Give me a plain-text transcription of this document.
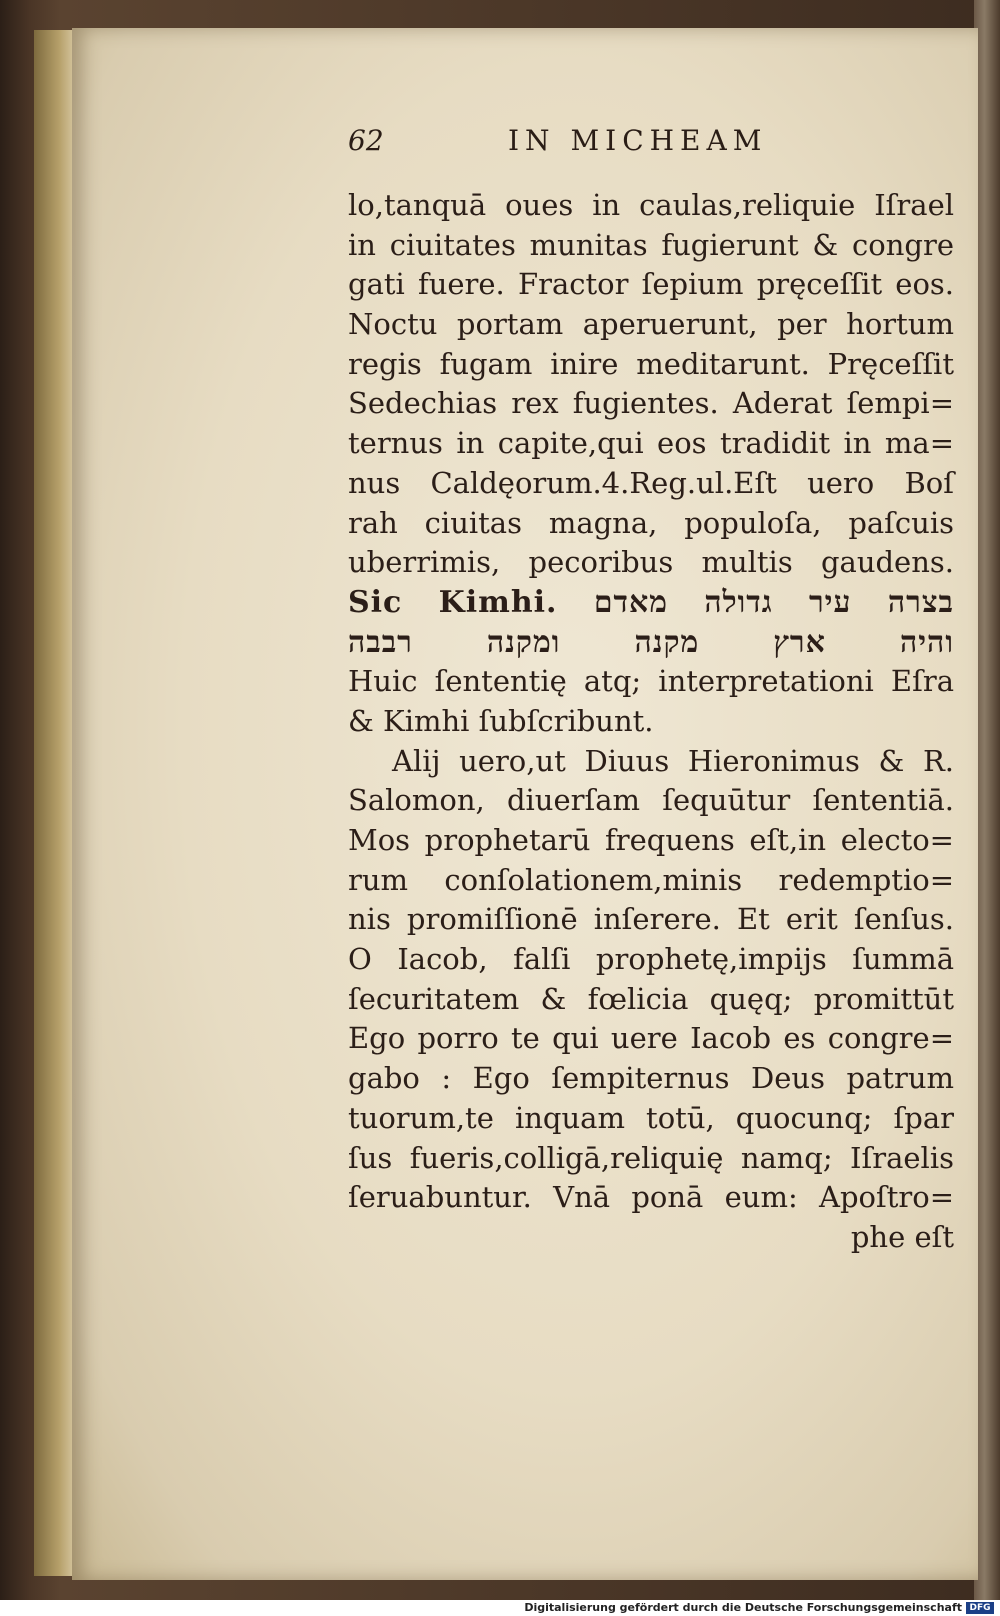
62	IN MICHEAM
lo,tanquā oues in caulas,reliquie Iſrael
in ciuitates munitas fugierunt & congre
gati fuere. Fractor ſepium pręceſſit eos.
Noctu portam aperuerunt, per hortum
regis fugam inire meditarunt. Pręceſſit
Sedechias rex fugientes. Aderat ſempi=
ternus in capite,qui eos tradidit in ma=
nus Caldęorum.4.Reg.ul.Eſt uero Boſ
rah ciuitas magna, populoſa, paſcuis
uberrimis, pecoribus multis gaudens.
Sic Kimhi. בצרה עיר גדולה מאדם
והיה ארץ מקנה ומקנה רבבה
Huic ſententię atq; interpretationi Eſra
& Kimhi ſubſcribunt.
Alij uero,ut Diuus Hieronimus & R.
Salomon, diuerſam ſequūtur ſententiā.
Mos prophetarū frequens eſt,in electo=
rum conſolationem,minis redemptio=
nis promiſſionē inſerere. Et erit ſenſus.
O Iacob, falſi prophetę,impijs ſummā
ſecuritatem & fœlicia quęq; promittūt
Ego porro te qui uere Iacob es congre=
gabo : Ego ſempiternus Deus patrum
tuorum,te inquam totū, quocunq; ſpar
ſus fueris,colligā,reliquię namq; Iſraelis
ſeruabuntur. Vnā ponā eum: Apoſtro=
phe eſt
Digitalisierung gefördert durch die Deutsche Forschungsgemeinschaft DFG
